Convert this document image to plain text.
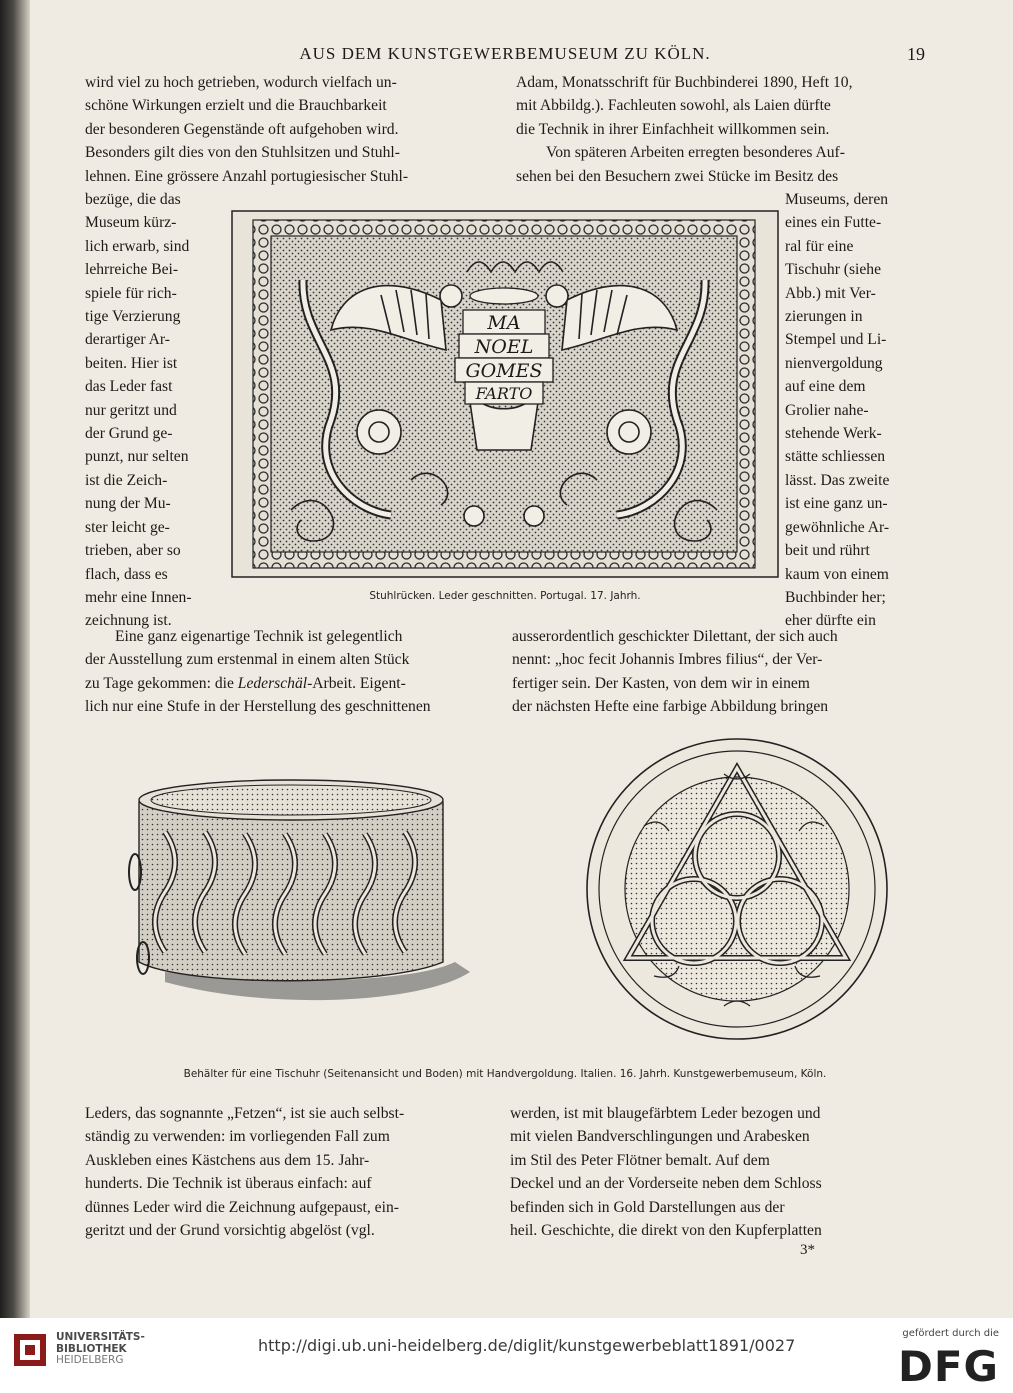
AUS DEM KUNSTGEWERBEMUSEUM ZU KÖLN.	19

wird viel zu hoch getrieben, wodurch vielfach un-

schöne Wirkungen erzielt und die Brauchbarkeit

der besonderen Gegenstände oft aufgehoben wird.

Besonders gilt dies von den Stuhlsitzen und Stuhl-

lehnen. Eine grössere Anzahl portugiesischer Stuhl-

Adam, Monatsschrift für Buchbinderei 1890, Heft 10,

mit Abbildg.). Fachleuten sowohl, als Laien dürfte

die Technik in ihrer Einfachheit willkommen sein.

Von späteren Arbeiten erregten besonderes Auf-

sehen bei den Besuchern zwei Stücke im Besitz des

bezüge, die das

Museum kürz-

lich erwarb, sind

lehrreiche Bei-

spiele für rich-

tige Verzierung

derartiger Ar-

beiten. Hier ist

das Leder fast

nur geritzt und

der Grund ge-

punzt, nur selten

ist die Zeich-

nung der Mu-

ster leicht ge-

trieben, aber so

flach, dass es

mehr eine Innen-

zeichnung ist.

Museums, deren

eines ein Futte-

ral für eine

Tischuhr (siehe

Abb.) mit Ver-

zierungen in

Stempel und Li-

nienvergoldung

auf eine dem

Grolier nahe-

stehende Werk-

stätte schliessen

lässt. Das zweite

ist eine ganz un-

gewöhnliche Ar-

beit und rührt

kaum von einem

Buchbinder her;

eher dürfte ein

MA
NOEL
GOMES
FARTO
Stuhlrücken. Leder geschnitten. Portugal. 17. Jahrh.

Eine ganz eigenartige Technik ist gelegentlich

der Ausstellung zum erstenmal in einem alten Stück

zu Tage gekommen: die Lederschäl-Arbeit. Eigent-

lich nur eine Stufe in der Herstellung des geschnittenen

ausserordentlich geschickter Dilettant, der sich auch

nennt: „hoc fecit Johannis Imbres filius“, der Ver-

fertiger sein. Der Kasten, von dem wir in einem

der nächsten Hefte eine farbige Abbildung bringen

Behälter für eine Tischuhr (Seitenansicht und Boden) mit Handvergoldung. Italien. 16. Jahrh. Kunstgewerbemuseum, Köln.

Leders, das sognannte „Fetzen“, ist sie auch selbst-

ständig zu verwenden: im vorliegenden Fall zum

Auskleben eines Kästchens aus dem 15. Jahr-

hunderts. Die Technik ist überaus einfach: auf

dünnes Leder wird die Zeichnung aufgepaust, ein-

geritzt und der Grund vorsichtig abgelöst (vgl.

werden, ist mit blaugefärbtem Leder bezogen und

mit vielen Bandverschlingungen und Arabesken

im Stil des Peter Flötner bemalt. Auf dem

Deckel und an der Vorderseite neben dem Schloss

befinden sich in Gold Darstellungen aus der

heil. Geschichte, die direkt von den Kupferplatten

3*
UNIVERSITÄTS-
BIBLIOTHEK
HEIDELBERG
http://digi.ub.uni-heidelberg.de/diglit/kunstgewerbeblatt1891/0027
gefördert durch die
DFG
